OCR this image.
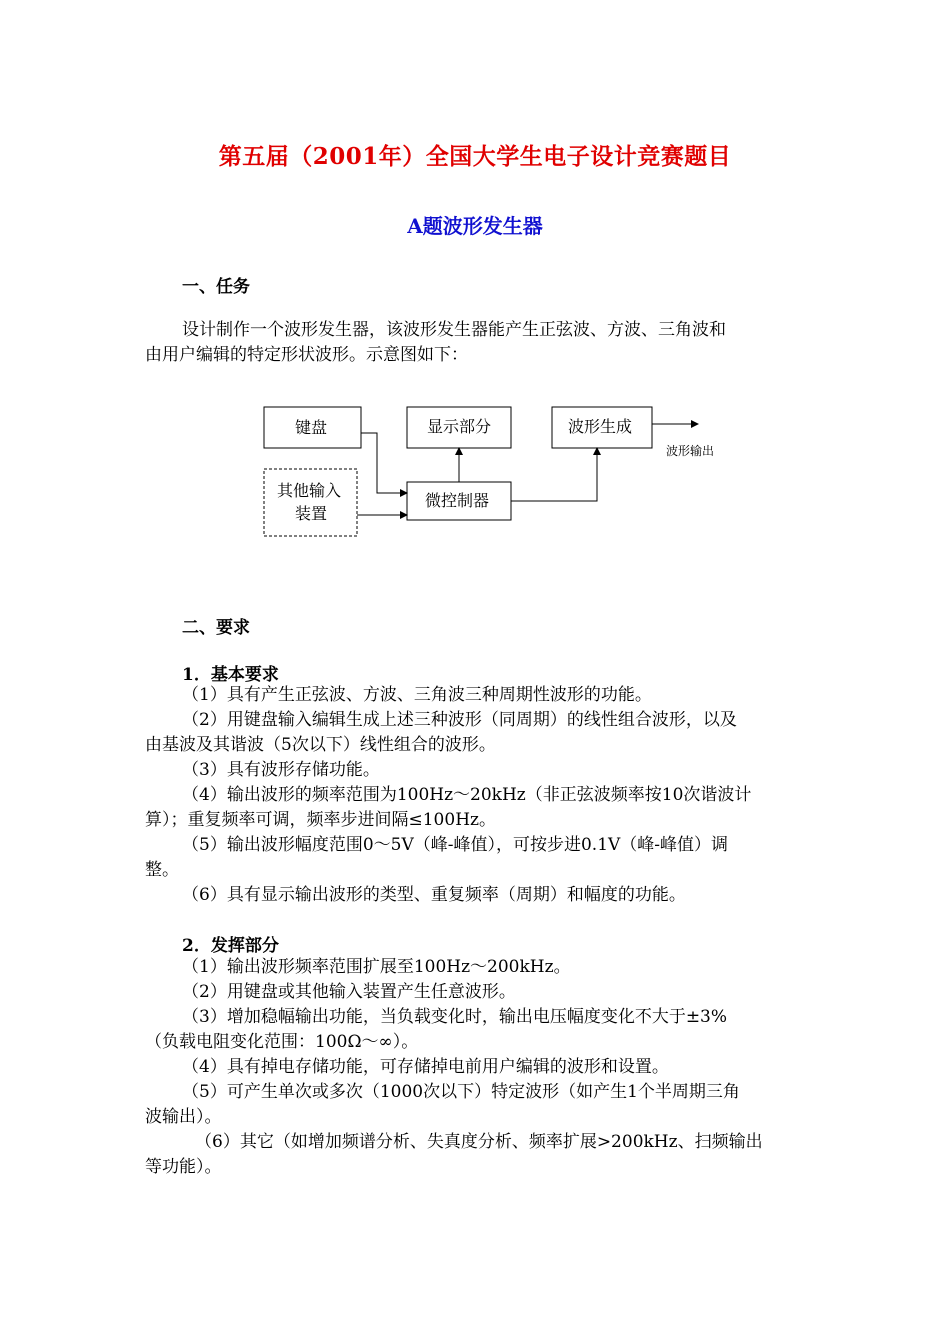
第五届（2001年）全国大学生电子设计竞赛题目
A题波形发生器
一、任务
设计制作一个波形发生器，该波形发生器能产生正弦波、方波、三角波和
由用户编辑的特定形状波形。示意图如下：
键盘	显示部分	波形生成
其他输入
装置
微控制器
波形输出
二、要求
1．基本要求
（1）具有产生正弦波、方波、三角波三种周期性波形的功能。
（2）用键盘输入编辑生成上述三种波形（同周期）的线性组合波形，以及
由基波及其谐波（5次以下）线性组合的波形。
（3）具有波形存储功能。
（4）输出波形的频率范围为100Hz～20kHz（非正弦波频率按10次谐波计
算）；重复频率可调，频率步进间隔≤100Hz。
（5）输出波形幅度范围0～5V（峰-峰值），可按步进0.1V（峰-峰值）调
整。
（6）具有显示输出波形的类型、重复频率（周期）和幅度的功能。
2．发挥部分
（1）输出波形频率范围扩展至100Hz～200kHz。
（2）用键盘或其他输入装置产生任意波形。
（3）增加稳幅输出功能，当负载变化时，输出电压幅度变化不大于±3%
（负载电阻变化范围：100Ω～∞）。
（4）具有掉电存储功能，可存储掉电前用户编辑的波形和设置。
（5）可产生单次或多次（1000次以下）特定波形（如产生1个半周期三角
波输出）。
（6）其它（如增加频谱分析、失真度分析、频率扩展>200kHz、扫频输出
等功能）。
